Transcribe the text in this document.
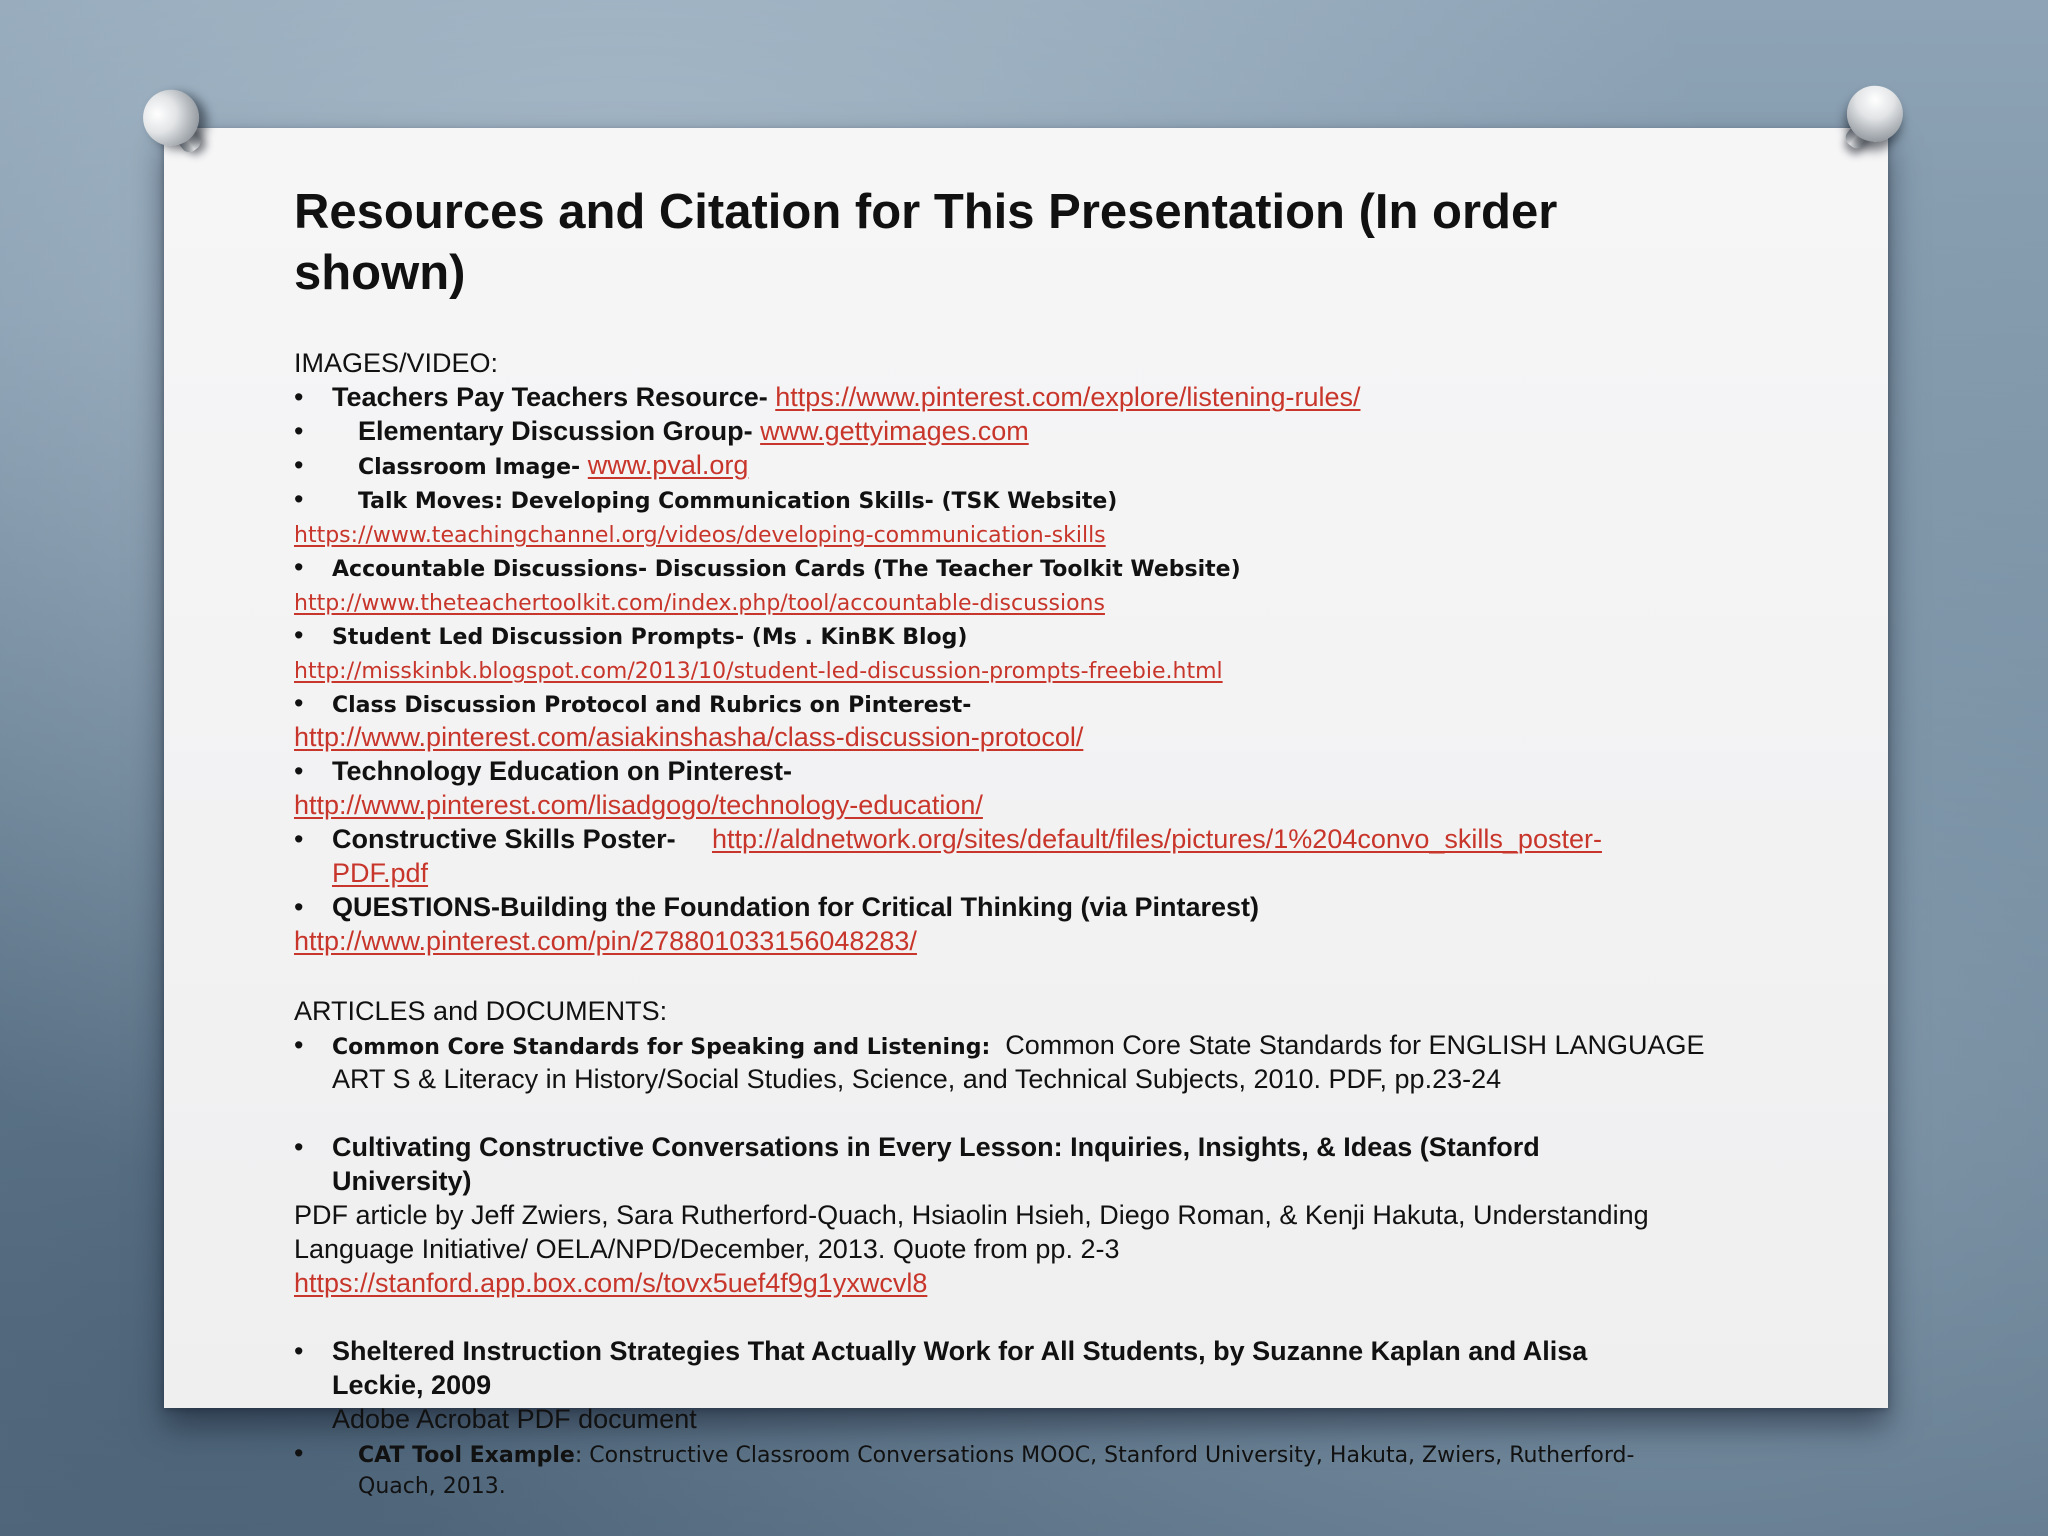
Resources and Citation for This Presentation (In order shown)
IMAGES/VIDEO:
• Teachers Pay Teachers Resource- https://www.pinterest.com/explore/listening-rules/
• Elementary Discussion Group- www.gettyimages.com
• Classroom Image- www.pval.org
• Talk Moves: Developing Communication Skills- (TSK Website)
https://www.teachingchannel.org/videos/developing-communication-skills
• Accountable Discussions- Discussion Cards (The Teacher Toolkit Website)
http://www.theteachertoolkit.com/index.php/tool/accountable-discussions
• Student Led Discussion Prompts- (Ms . KinBK Blog)
http://misskinbk.blogspot.com/2013/10/student-led-discussion-prompts-freebie.html
• Class Discussion Protocol and Rubrics on Pinterest-
http://www.pinterest.com/asiakinshasha/class-discussion-protocol/
• Technology Education on Pinterest-
http://www.pinterest.com/lisadgogo/technology-education/
• Constructive Skills Poster- http://aldnetwork.org/sites/default/files/pictures/1%204convo_skills_poster-
PDF.pdf
• QUESTIONS-Building the Foundation for Critical Thinking (via Pintarest)
http://www.pinterest.com/pin/278801033156048283/
ARTICLES and DOCUMENTS:
• Common Core Standards for Speaking and Listening: Common Core State Standards for ENGLISH LANGUAGE
ART S & Literacy in History/Social Studies, Science, and Technical Subjects, 2010. PDF, pp.23-24
• Cultivating Constructive Conversations in Every Lesson: Inquiries, Insights, & Ideas (Stanford
University)
PDF article by Jeff Zwiers, Sara Rutherford-Quach, Hsiaolin Hsieh, Diego Roman, & Kenji Hakuta, Understanding
Language Initiative/ OELA/NPD/December, 2013. Quote from pp. 2-3
https://stanford.app.box.com/s/tovx5uef4f9g1yxwcvl8
• Sheltered Instruction Strategies That Actually Work for All Students, by Suzanne Kaplan and Alisa
Leckie, 2009
Adobe Acrobat PDF document
• CAT Tool Example: Constructive Classroom Conversations MOOC, Stanford University, Hakuta, Zwiers, Rutherford-
Quach, 2013.
